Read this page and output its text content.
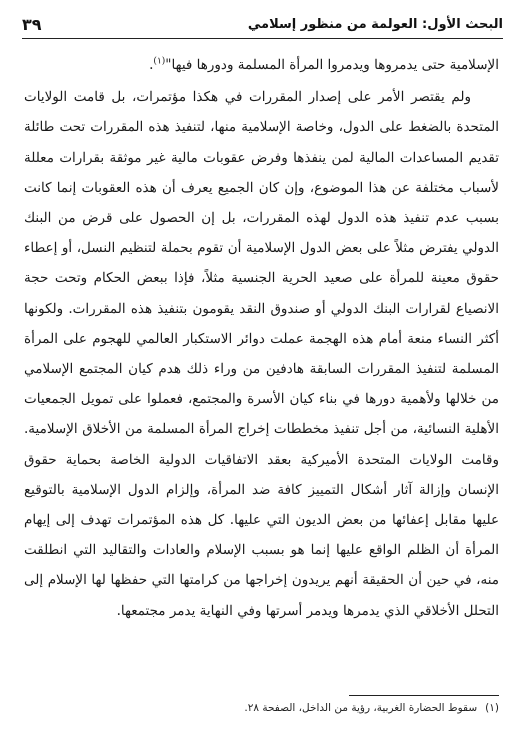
البحث الأول: العولمة من منظور إسلامي
٣٩

الإسلامية حتى يدمروها ويدمروا المرأة المسلمة ودورها فيها"$^{(١)}$.

ولم يقتصر الأمر على إصدار المقررات في هكذا مؤتمرات، بل قامت الولايات المتحدة بالضغط على الدول، وخاصة الإسلامية منها، لتنفيذ هذه المقررات تحت طائلة تقديم المساعدات المالية لمن ينفذها وفرض عقوبات مالية غير موثقة بقرارات معللة لأسباب مختلفة عن هذا الموضوع، وإن كان الجميع يعرف أن هذه العقوبات إنما كانت بسبب عدم تنفيذ هذه الدول لهذه المقررات، بل إن الحصول على قرض من البنك الدولي يفترض مثلاً على بعض الدول الإسلامية أن تقوم بحملة لتنظيم النسل، أو إعطاء حقوق معينة للمرأة على صعيد الحرية الجنسية مثلاً، فإذا ببعض الحكام وتحت حجة الانصياع لقرارات البنك الدولي أو صندوق النقد يقومون بتنفيذ هذه المقررات. ولكونها أكثر النساء منعة أمام هذه الهجمة عملت دوائر الاستكبار العالمي للهجوم على المرأة المسلمة لتنفيذ المقررات السابقة هادفين من وراء ذلك هدم كيان المجتمع الإسلامي من خلالها ولأهمية دورها في بناء كيان الأسرة والمجتمع، فعملوا على تمويل الجمعيات الأهلية النسائية، من أجل تنفيذ مخططات إخراج المرأة المسلمة من الأخلاق الإسلامية. وقامت الولايات المتحدة الأميركية بعقد الاتفاقيات الدولية الخاصة بحماية حقوق الإنسان وإزالة آثار أشكال التمييز كافة ضد المرأة، وإلزام الدول الإسلامية بالتوقيع عليها مقابل إعفائها من بعض الديون التي عليها. كل هذه المؤتمرات تهدف إلى إيهام المرأة أن الظلم الواقع عليها إنما هو بسبب الإسلام والعادات والتقاليد التي انطلقت منه، في حين أن الحقيقة أنهم يريدون إخراجها من كرامتها التي حفظها لها الإسلام إلى التحلل الأخلاقي الذي يدمرها ويدمر أسرتها وفي النهاية يدمر مجتمعها.

(١)سقوط الحضارة الغربية، رؤية من الداخل، الصفحة ٢٨.
